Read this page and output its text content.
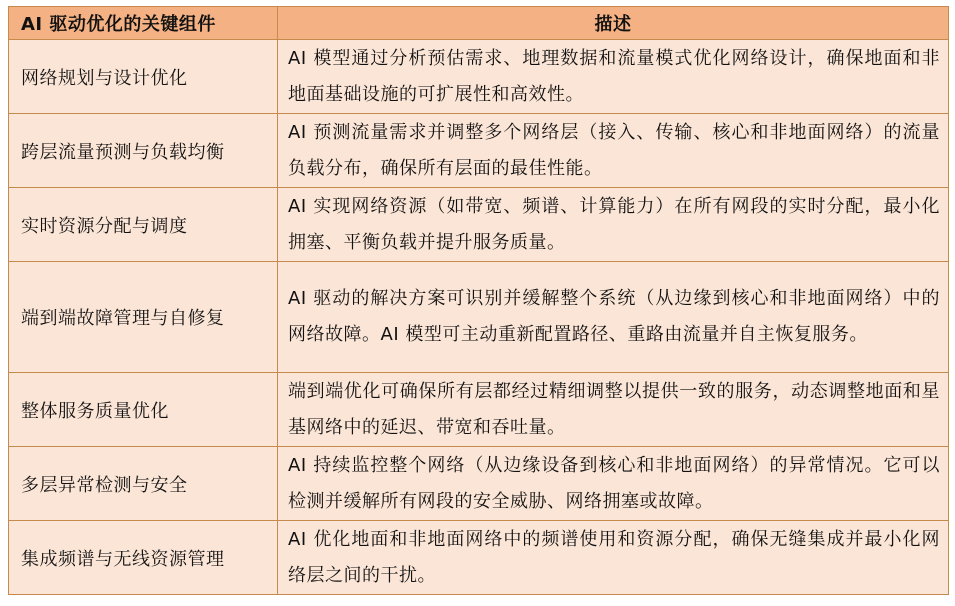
AI 驱动优化的关键组件	描述
网络规划与设计优化	AI 模型通过分析预估需求、地理数据和流量模式优化网络设计，确保地面和非地面基础设施的可扩展性和高效性。
跨层流量预测与负载均衡	AI 预测流量需求并调整多个网络层（接入、传输、核心和非地面网络）的流量负载分布，确保所有层面的最佳性能。
实时资源分配与调度	AI 实现网络资源（如带宽、频谱、计算能力）在所有网段的实时分配，最小化拥塞、平衡负载并提升服务质量。
端到端故障管理与自修复	AI 驱动的解决方案可识别并缓解整个系统（从边缘到核心和非地面网络）中的网络故障。AI 模型可主动重新配置路径、重路由流量并自主恢复服务。
整体服务质量优化	端到端优化可确保所有层都经过精细调整以提供一致的服务，动态调整地面和星基网络中的延迟、带宽和吞吐量。
多层异常检测与安全	AI 持续监控整个网络（从边缘设备到核心和非地面网络）的异常情况。它可以检测并缓解所有网段的安全威胁、网络拥塞或故障。
集成频谱与无线资源管理	AI 优化地面和非地面网络中的频谱使用和资源分配，确保无缝集成并最小化网络层之间的干扰。
